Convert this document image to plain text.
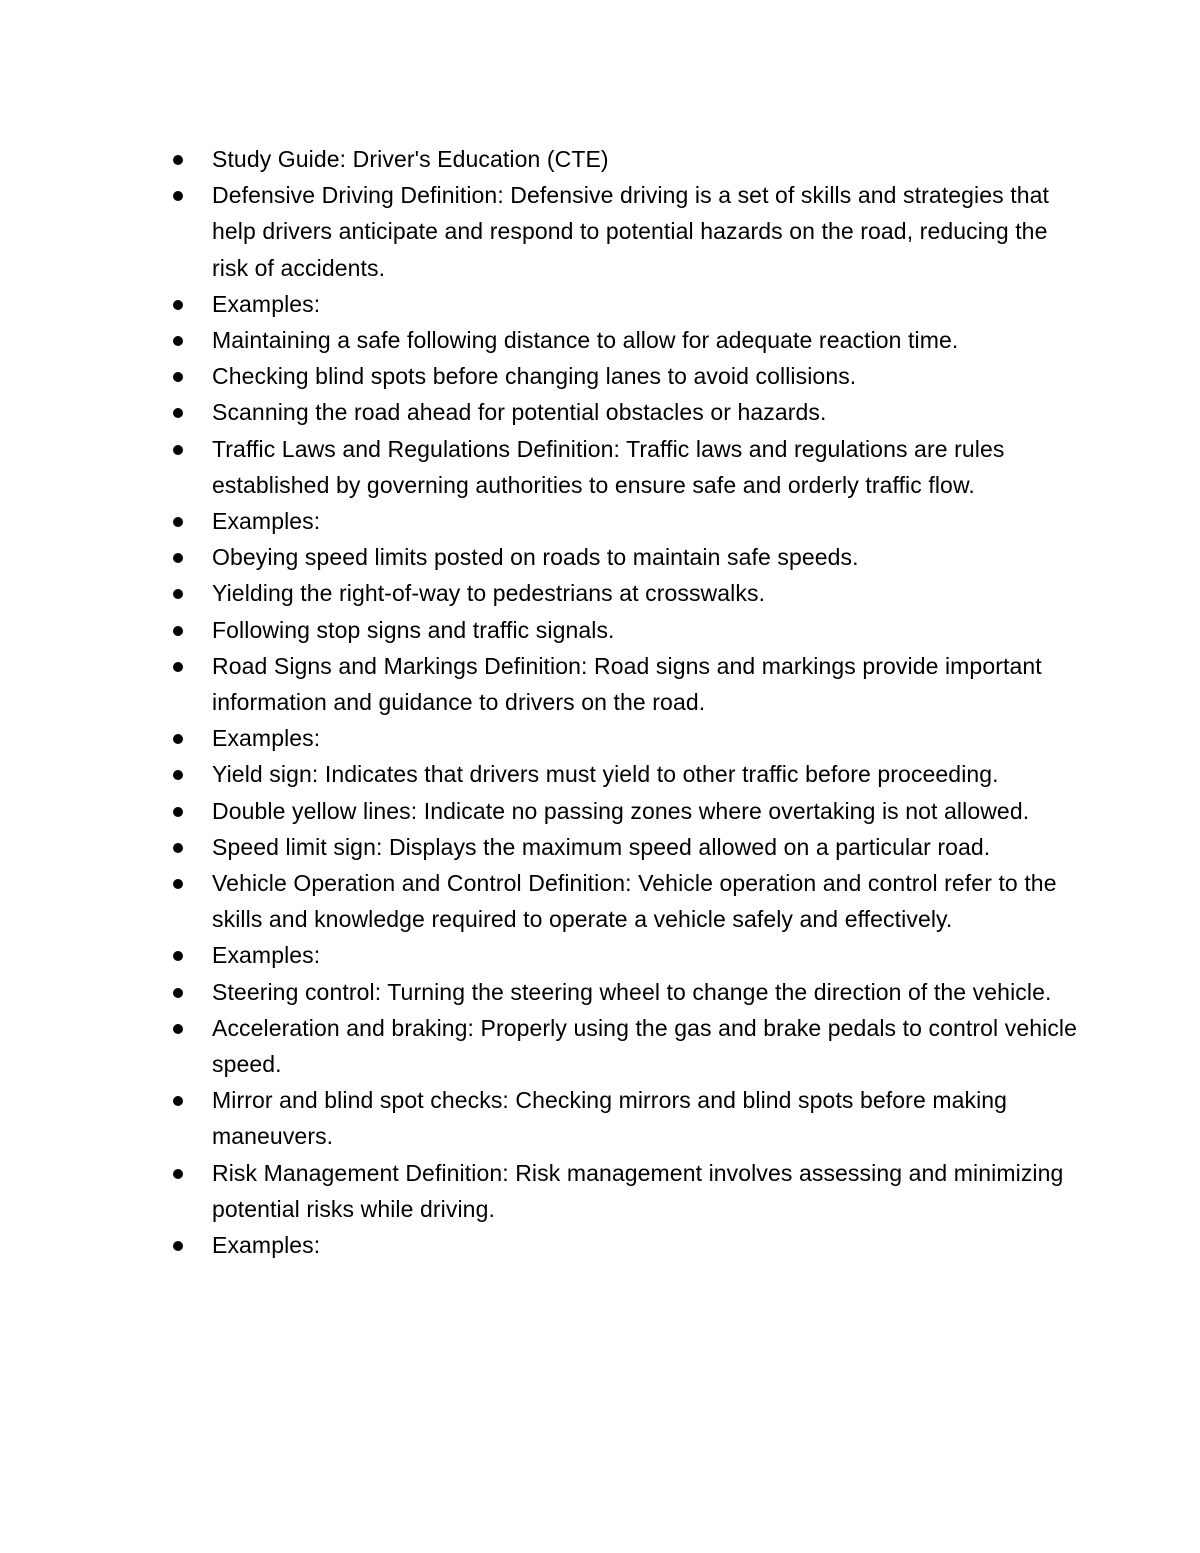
Study Guide: Driver's Education (CTE)
Defensive Driving Definition: Defensive driving is a set of skills and strategies that help drivers anticipate and respond to potential hazards on the road, reducing the risk of accidents.
Examples:
Maintaining a safe following distance to allow for adequate reaction time.
Checking blind spots before changing lanes to avoid collisions.
Scanning the road ahead for potential obstacles or hazards.
Traffic Laws and Regulations Definition: Traffic laws and regulations are rules established by governing authorities to ensure safe and orderly traffic flow.
Examples:
Obeying speed limits posted on roads to maintain safe speeds.
Yielding the right-of-way to pedestrians at crosswalks.
Following stop signs and traffic signals.
Road Signs and Markings Definition: Road signs and markings provide important information and guidance to drivers on the road.
Examples:
Yield sign: Indicates that drivers must yield to other traffic before proceeding.
Double yellow lines: Indicate no passing zones where overtaking is not allowed.
Speed limit sign: Displays the maximum speed allowed on a particular road.
Vehicle Operation and Control Definition: Vehicle operation and control refer to the skills and knowledge required to operate a vehicle safely and effectively.
Examples:
Steering control: Turning the steering wheel to change the direction of the vehicle.
Acceleration and braking: Properly using the gas and brake pedals to control vehicle speed.
Mirror and blind spot checks: Checking mirrors and blind spots before making maneuvers.
Risk Management Definition: Risk management involves assessing and minimizing potential risks while driving.
Examples:
